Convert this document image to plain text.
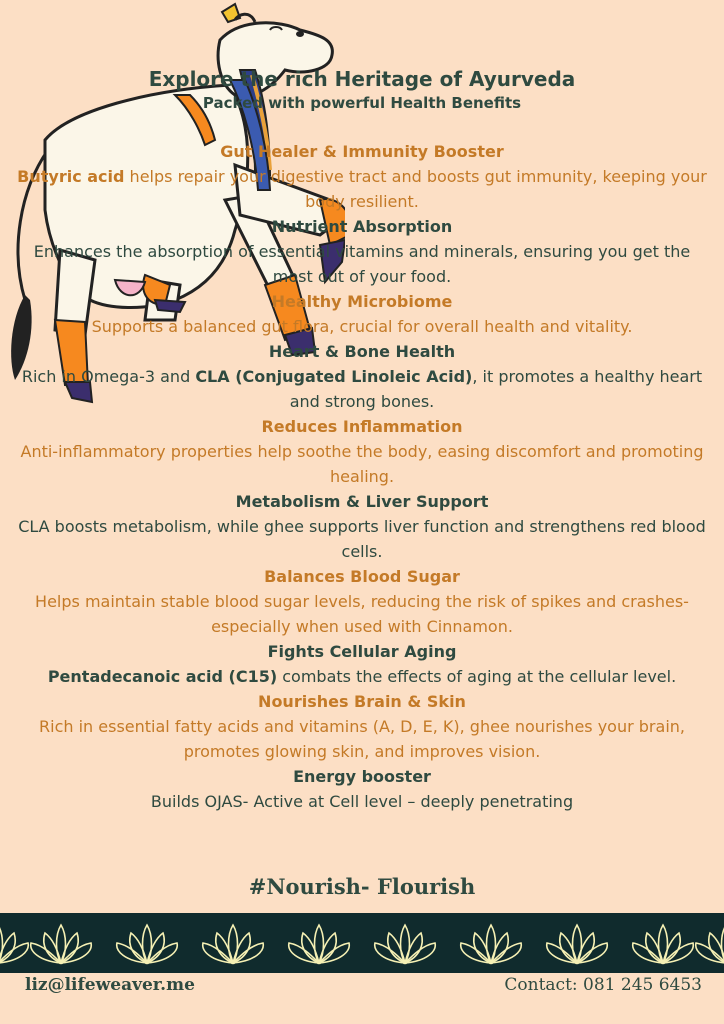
Explore the rich Heritage of Ayurveda
Packed with powerful Health Benefits
Gut Healer & Immunity Booster
Butyric acid helps repair your digestive tract and boosts gut immunity, keeping your body resilient.
Nutrient Absorption
Enhances the absorption of essential vitamins and minerals, ensuring you get the most out of your food.
Healthy Microbiome
Supports a balanced gut flora, crucial for overall health and vitality.
Heart & Bone Health
Rich in Omega-3 and CLA (Conjugated Linoleic Acid), it promotes a healthy heart and strong bones.
Reduces Inflammation
Anti-inflammatory properties help soothe the body, easing discomfort and promoting healing.
Metabolism & Liver Support
CLA boosts metabolism, while ghee supports liver function and strengthens red blood cells.
Balances Blood Sugar
Helps maintain stable blood sugar levels, reducing the risk of spikes and crashes- especially when used with Cinnamon.
Fights Cellular Aging
Pentadecanoic acid (C15) combats the effects of aging at the cellular level.
Nourishes Brain & Skin
Rich in essential fatty acids and vitamins (A, D, E, K), ghee nourishes your brain, promotes glowing skin, and improves vision.
Energy booster
Builds OJAS- Active at Cell level – deeply penetrating
#Nourish- Flourish
liz@lifeweaver.me	Contact: 081 245 6453
